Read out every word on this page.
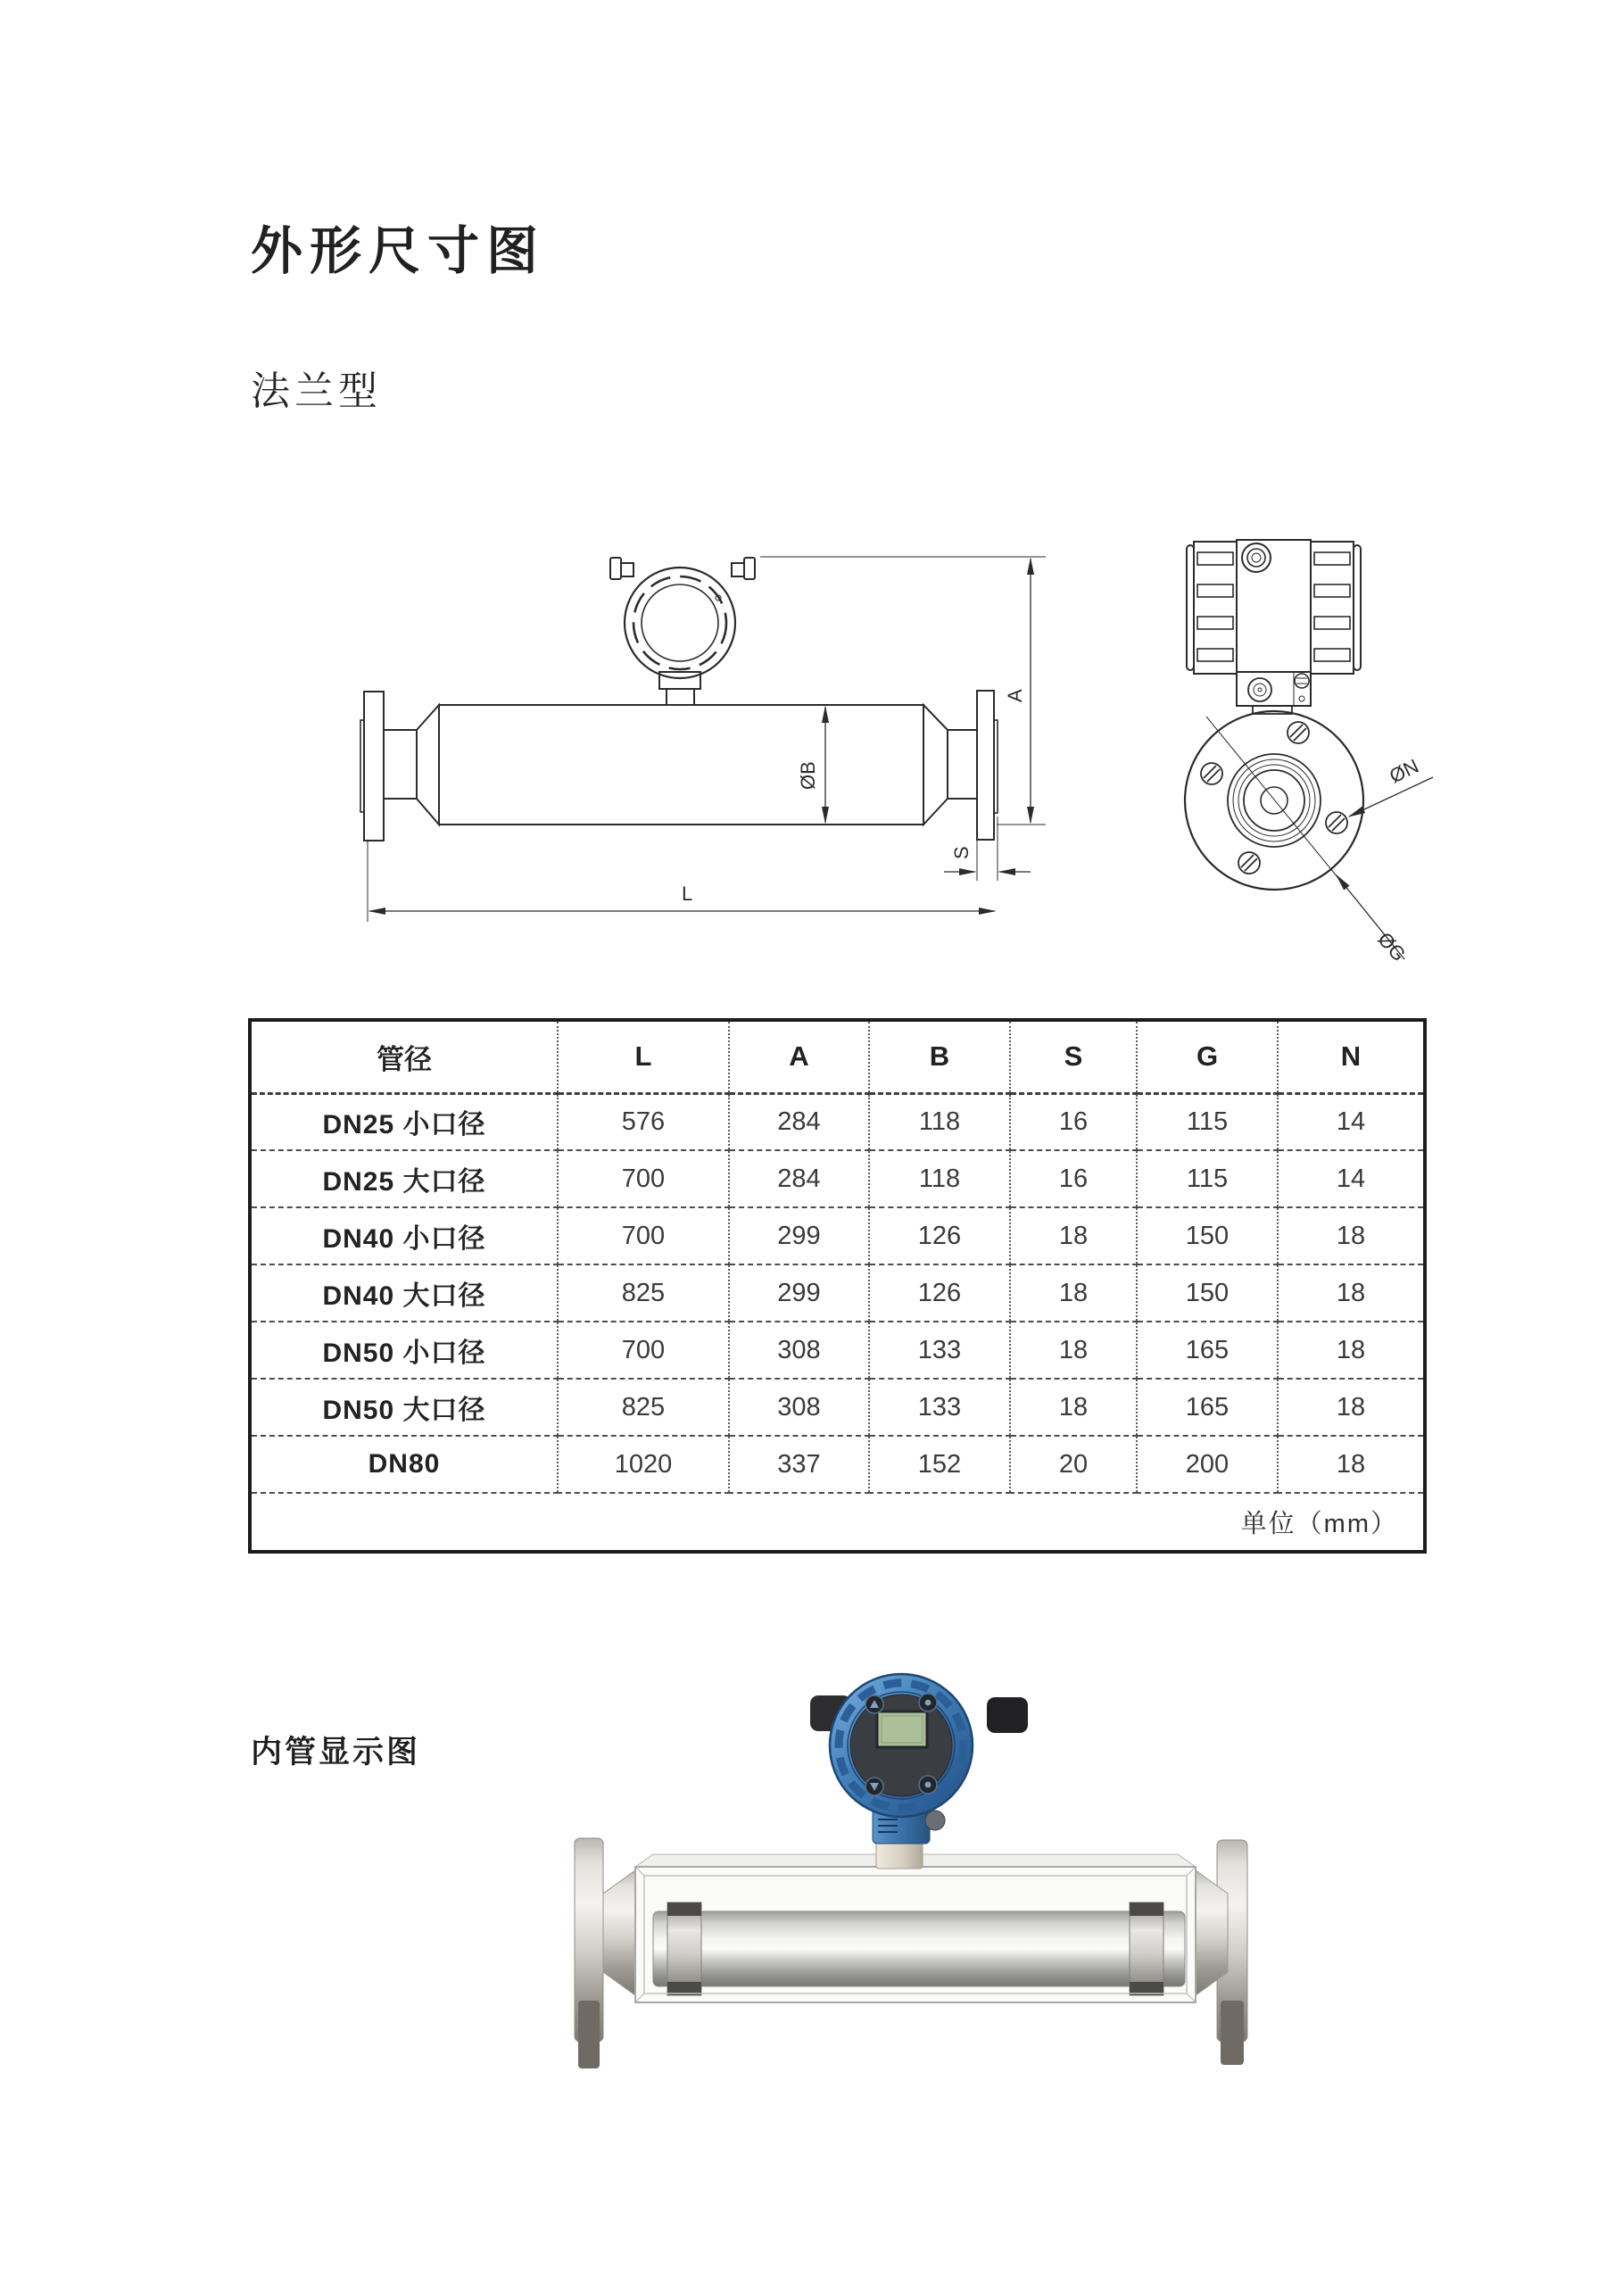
外形尺寸图
法兰型
ØB
A
S
L
ØN
ØG
管径	L	A	B	S	G	N
DN25 小口径	576	284	118	16	115	14
DN25 大口径	700	284	118	16	115	14
DN40 小口径	700	299	126	18	150	18
DN40 大口径	825	299	126	18	150	18
DN50 小口径	700	308	133	18	165	18
DN50 大口径	825	308	133	18	165	18
DN80	1020	337	152	20	200	18
单位（mm）						
内管显示图
